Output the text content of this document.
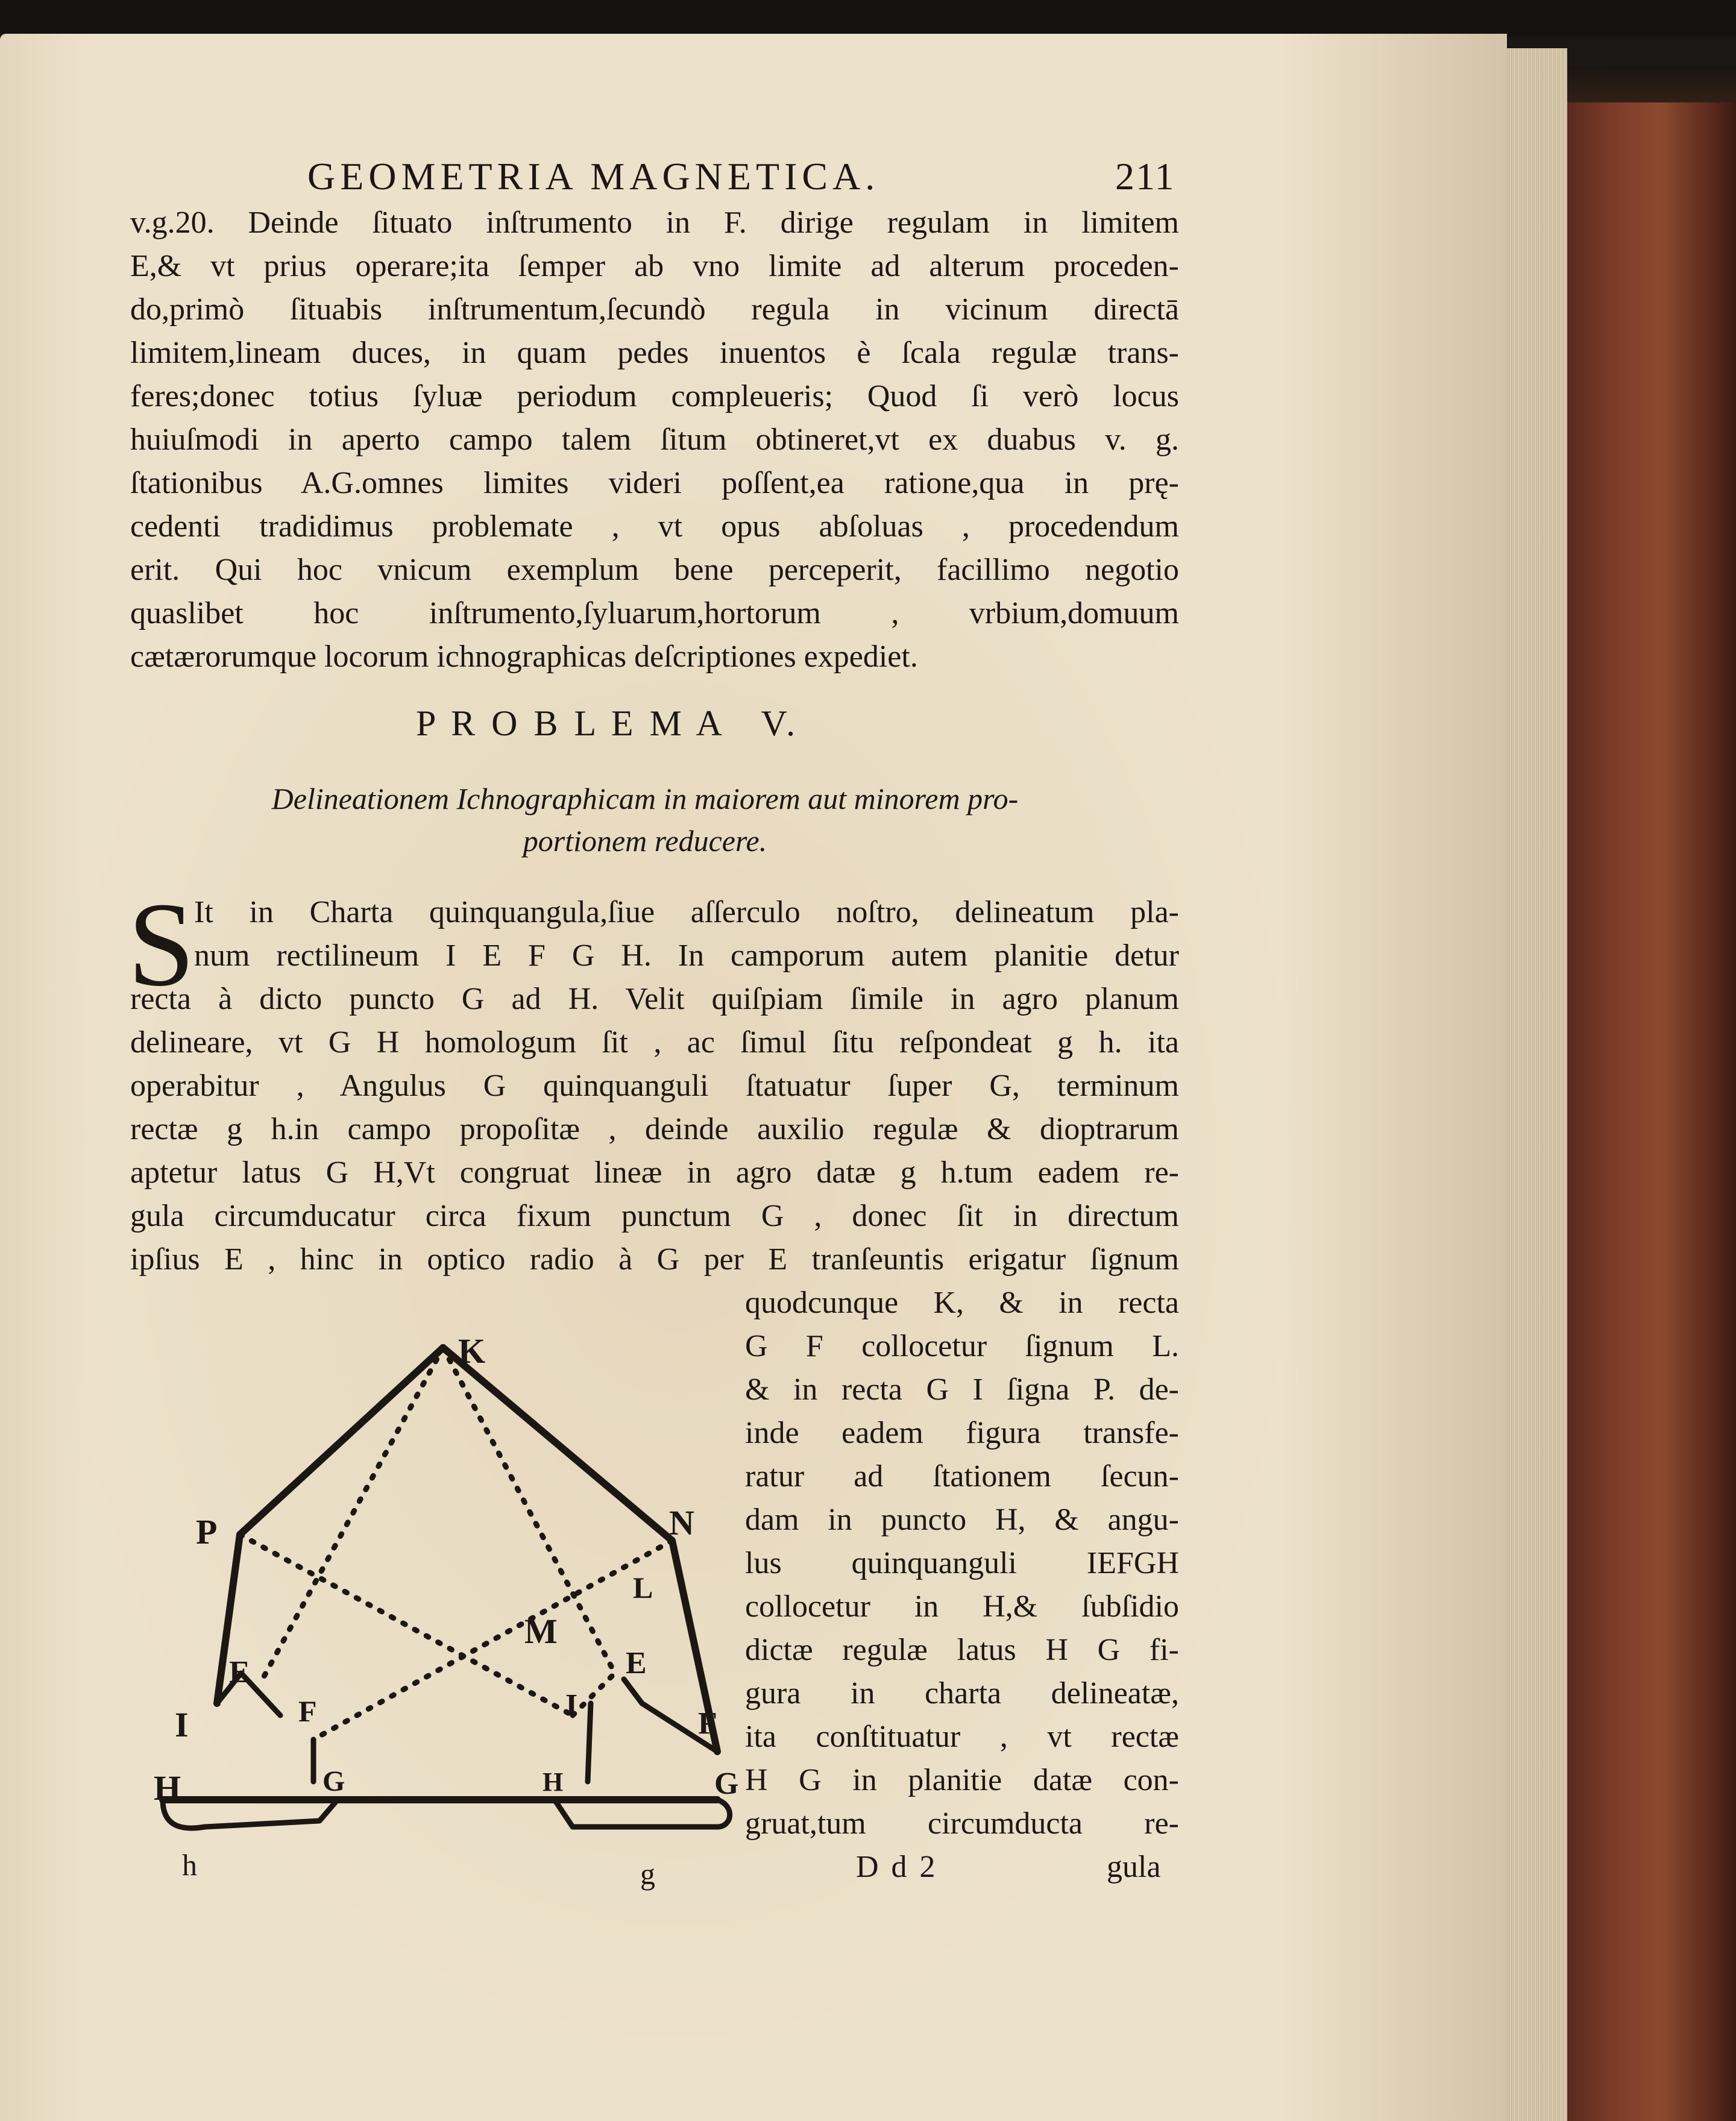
GEOMETRIA MAGNETICA.	211
v.g.20. Deinde ſituato inſtrumento in F. dirige regulam in limitem
E,& vt prius operare;ita ſemper ab vno limite ad alterum proceden-
do,primò ſituabis inſtrumentum,ſecundò regula in vicinum directā
limitem,lineam duces, in quam pedes inuentos è ſcala regulæ trans-
feres;donec totius ſyluæ periodum compleueris; Quod ſi verò locus
huiuſmodi in aperto campo talem ſitum obtineret,vt ex duabus v. g.
ſtationibus A.G.omnes limites videri poſſent,ea ratione,qua in prę-
cedenti tradidimus problemate , vt opus abſoluas , procedendum
erit. Qui hoc vnicum exemplum bene perceperit, facillimo negotio
quaslibet hoc inſtrumento,ſyluarum,hortorum , vrbium,domuum
cætærorumque locorum ichnographicas deſcriptiones expediet.
P R O B L E M A   V.
Delineationem Ichnographicam in maiorem aut minorem pro-
portionem reducere.
S
It in Charta quinquangula,ſiue aſſerculo noſtro, delineatum pla-
num rectilineum I E F G H. In camporum autem planitie detur
recta à dicto puncto G ad H. Velit quiſpiam ſimile in agro planum
delineare, vt G H homologum ſit , ac ſimul ſitu reſpondeat g h. ita
operabitur , Angulus G quinquanguli ſtatuatur ſuper G, terminum
rectæ g h.in campo propoſitæ , deinde auxilio regulæ & dioptrarum
aptetur latus G H,Vt congruat lineæ in agro datæ g h.tum eadem re-
gula circumducatur circa fixum punctum G , donec ſit in directum
ipſius E , hinc in optico radio à G per E tranſeuntis erigatur ſignum
quodcunque K, & in recta
G F collocetur ſignum L.
& in recta G I ſigna P. de-
inde eadem figura transfe-
ratur ad ſtationem ſecun-
dam in puncto H, & angu-
lus quinquanguli IEFGH
collocetur in H,& ſubſidio
dictæ regulæ latus H G fi-
gura in charta delineatæ,
ita conſtituatur , vt rectæ
H G in planitie datæ con-
gruat,tum circumducta re-
D d 2	gula
K
P	N
L
M
E	E
F	F
I	I
H	H
G	G
h	g
